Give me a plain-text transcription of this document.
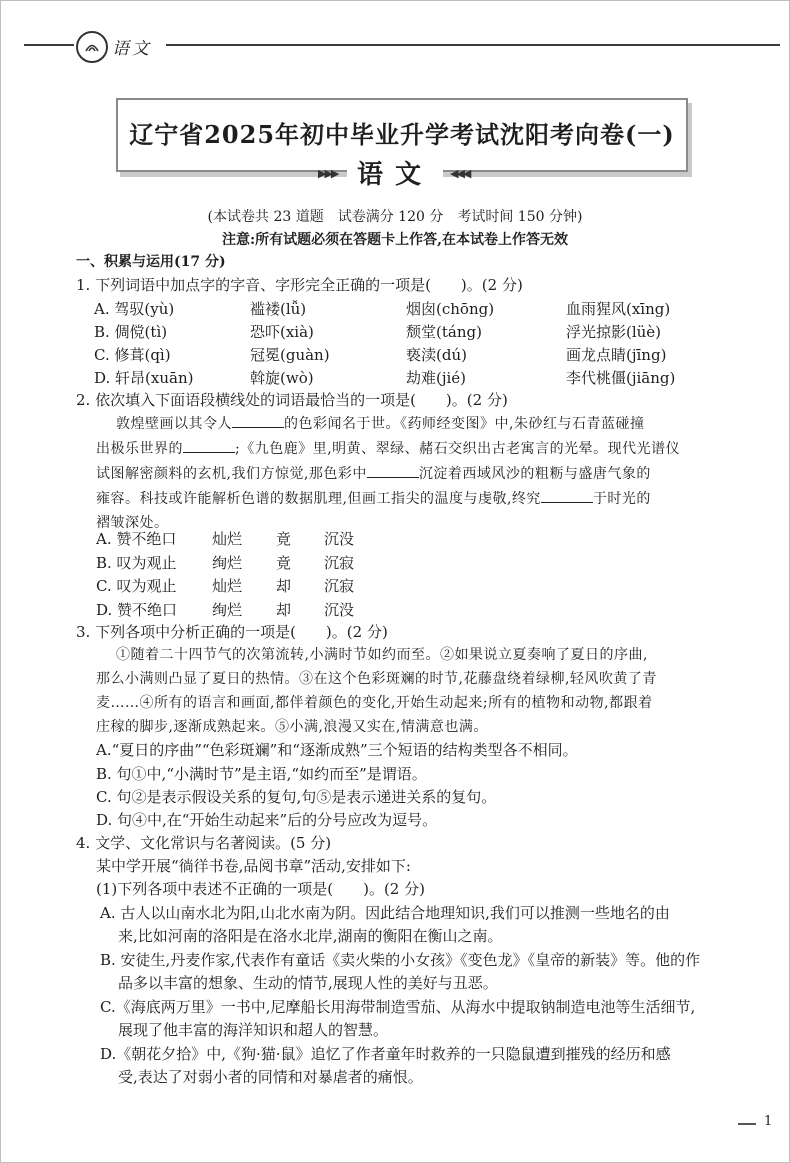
语文
辽宁省2025年初中毕业升学考试沈阳考向卷(一)
▶▶▶ 语文	◀◀◀
(本试卷共 23 道题　试卷满分 120 分　考试时间 150 分钟)
注意:所有试题必须在答题卡上作答,在本试卷上作答无效
一、积累与运用(17 分)
1. 下列词语中加点字的字音、字形完全正确的一项是(　　)。(2 分)
A. 驾驭(yù)	褴褛(lǚ)	烟囱(chōng)	血雨猩风(xīng)
B. 倜傥(tì)	恐吓(xià)	颓堂(táng)	浮光掠影(lüè)
C. 修葺(qì)	冠冕(guàn)	亵渎(dú)	画龙点睛(jīng)
D. 轩昂(xuān)	斡旋(wò)	劫难(jié)	李代桃僵(jiāng)
2. 依次填入下面语段横线处的词语最恰当的一项是(　　)。(2 分)
敦煌壁画以其令人	的色彩闻名于世。《药师经变图》中,朱砂红与石青蓝碰撞
出极乐世界的	;《九色鹿》里,明黄、翠绿、赭石交织出古老寓言的光晕。现代光谱仪
试图解密颜料的玄机,我们方惊觉,那色彩中	沉淀着西域风沙的粗粝与盛唐气象的
雍容。科技或许能解析色谱的数据肌理,但画工指尖的温度与虔敬,终究	于时光的
褶皱深处。
A. 赞不绝口 灿烂 竟 沉没
B. 叹为观止 绚烂 竟 沉寂
C. 叹为观止 灿烂 却 沉寂
D. 赞不绝口 绚烂 却 沉没
3. 下列各项中分析正确的一项是(　　)。(2 分)
①随着二十四节气的次第流转,小满时节如约而至。②如果说立夏奏响了夏日的序曲,
那么小满则凸显了夏日的热情。③在这个色彩斑斓的时节,花藤盘绕着绿柳,轻风吹黄了青
麦……④所有的语言和画面,都伴着颜色的变化,开始生动起来;所有的植物和动物,都跟着
庄稼的脚步,逐渐成熟起来。⑤小满,浪漫又实在,情满意也满。
A.“夏日的序曲”“色彩斑斓”和“逐渐成熟”三个短语的结构类型各不相同。
B. 句①中,“小满时节”是主语,“如约而至”是谓语。
C. 句②是表示假设关系的复句,句⑤是表示递进关系的复句。
D. 句④中,在“开始生动起来”后的分号应改为逗号。
4. 文学、文化常识与名著阅读。(5 分)
某中学开展“徜徉书卷,品阅书章”活动,安排如下:
(1)下列各项中表述不正确的一项是(　　)。(2 分)
A. 古人以山南水北为阳,山北水南为阴。因此结合地理知识,我们可以推测一些地名的由
来,比如河南的洛阳是在洛水北岸,湖南的衡阳在衡山之南。
B. 安徒生,丹麦作家,代表作有童话《卖火柴的小女孩》《变色龙》《皇帝的新装》等。他的作
品多以丰富的想象、生动的情节,展现人性的美好与丑恶。
C.《海底两万里》一书中,尼摩船长用海带制造雪茄、从海水中提取钠制造电池等生活细节,
展现了他丰富的海洋知识和超人的智慧。
D.《朝花夕拾》中,《狗·猫·鼠》追忆了作者童年时救养的一只隐鼠遭到摧残的经历和感
受,表达了对弱小者的同情和对暴虐者的痛恨。
1
